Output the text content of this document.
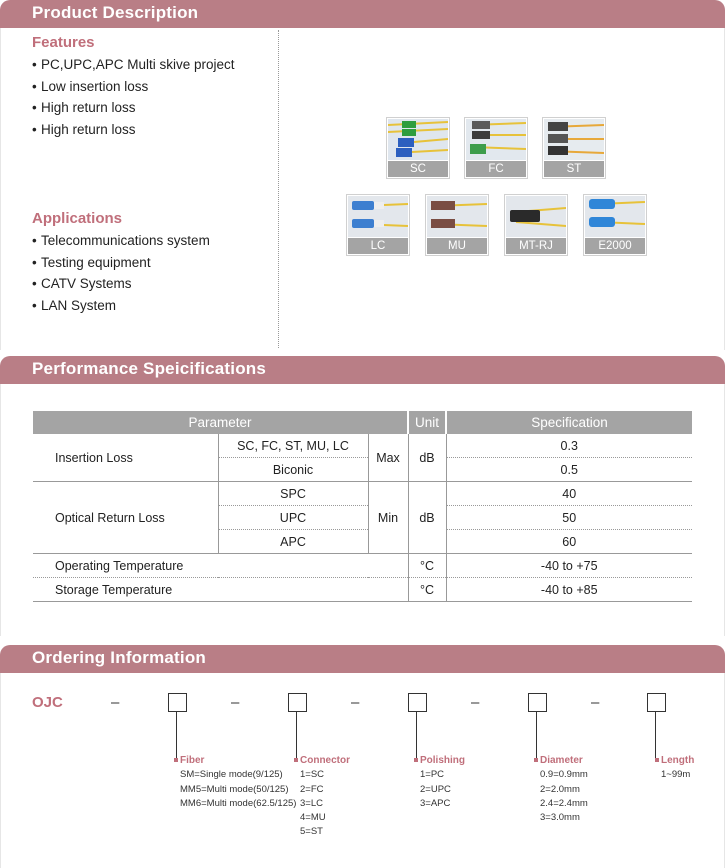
Product Description
Features
• PC,UPC,APC Multi skive project
• Low insertion loss
• High return loss
• High return loss
Applications
• Telecommunications system
• Testing equipment
• CATV Systems
• LAN System
SC	FC	ST
LC	MU	MT-RJ	E2000
Performance Speicifications
Parameter			Unit	Specification
Insertion Loss	SC, FC, ST, MU, LC	Max	dB	0.3
	Biconic			0.5
Optical Return Loss	SPC	Min	dB	40
	UPC			50
	APC			60
Operating Temperature			°C	-40 to +75
Storage Temperature			°C	-40 to +85
Ordering Information
OJC	–	–	–	–	–
Fiber
SM=Single mode(9/125)
MM5=Multi mode(50/125)
MM6=Multi mode(62.5/125)
Connector
1=SC
2=FC
3=LC
4=MU
5=ST
Polishing
1=PC
2=UPC
3=APC
Diameter
0.9=0.9mm
2=2.0mm
2.4=2.4mm
3=3.0mm
Length
1~99m
